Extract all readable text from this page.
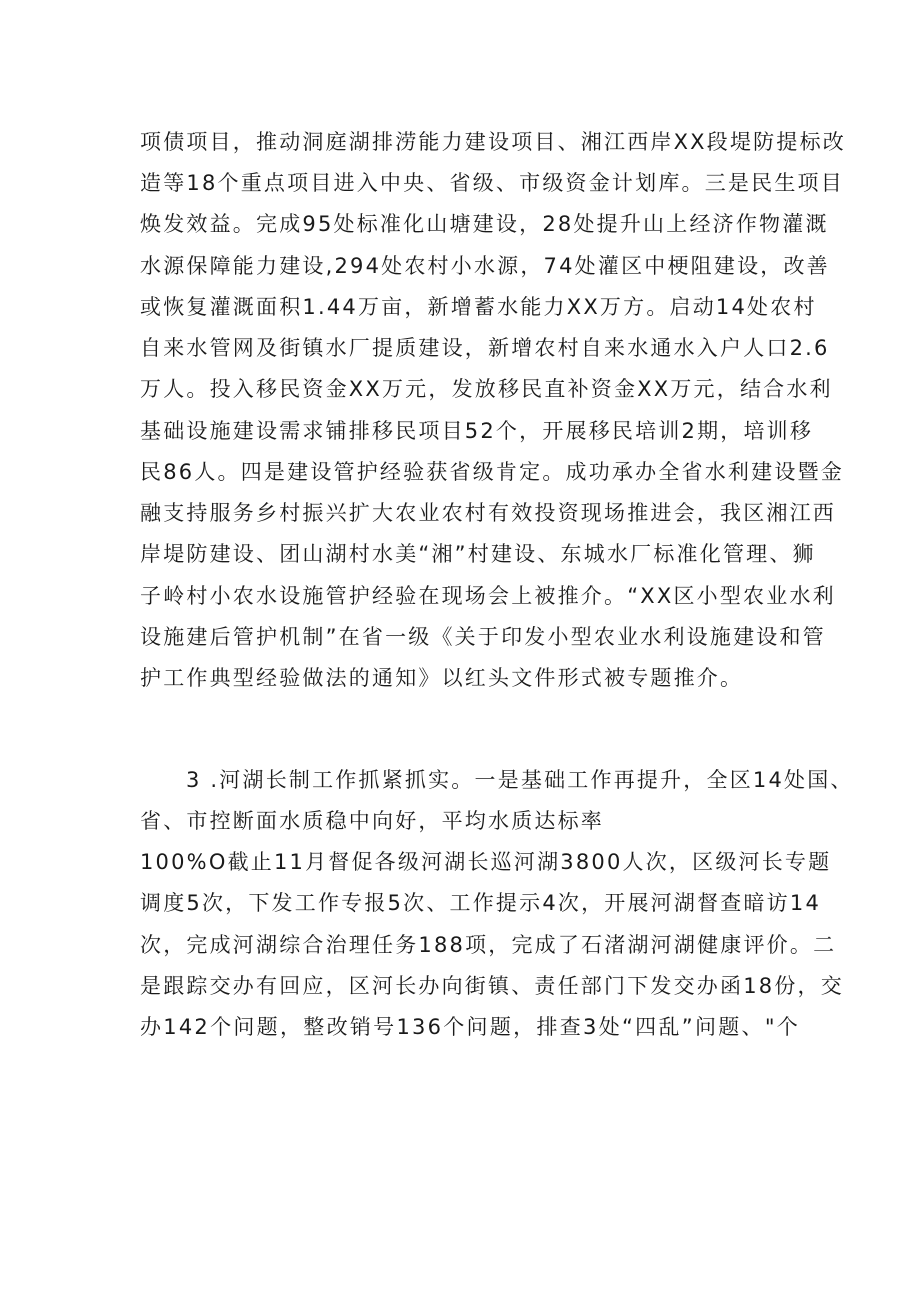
项债项目，推动洞庭湖排涝能力建设项目、湘江西岸XX段堤防提标改
造等18个重点项目进入中央、省级、市级资金计划库。三是民生项目
焕发效益。完成95处标准化山塘建设，28处提升山上经济作物灌溉
水源保障能力建设,294处农村小水源，74处灌区中梗阻建设，改善
或恢复灌溉面积1.44万亩，新增蓄水能力XX万方。启动14处农村
自来水管网及街镇水厂提质建设，新增农村自来水通水入户人口2.6
万人。投入移民资金XX万元，发放移民直补资金XX万元，结合水利
基础设施建设需求铺排移民项目52个，开展移民培训2期，培训移
民86人。四是建设管护经验获省级肯定。成功承办全省水利建设暨金
融支持服务乡村振兴扩大农业农村有效投资现场推进会，我区湘江西
岸堤防建设、团山湖村水美“湘”村建设、东城水厂标准化管理、狮
子岭村小农水设施管护经验在现场会上被推介。“XX区小型农业水利
设施建后管护机制”在省一级《关于印发小型农业水利设施建设和管
护工作典型经验做法的通知》以红头文件形式被专题推介。
3 .河湖长制工作抓紧抓实。一是基础工作再提升，全区14处国、
省、市控断面水质稳中向好，平均水质达标率
100%O截止11月督促各级河湖长巡河湖3800人次，区级河长专题
调度5次，下发工作专报5次、工作提示4次，开展河湖督查暗访14
次，完成河湖综合治理任务188项，完成了石渚湖河湖健康评价。二
是跟踪交办有回应，区河长办向街镇、责任部门下发交办函18份，交
办142个问题，整改销号136个问题，排查3处“四乱”问题、"个
